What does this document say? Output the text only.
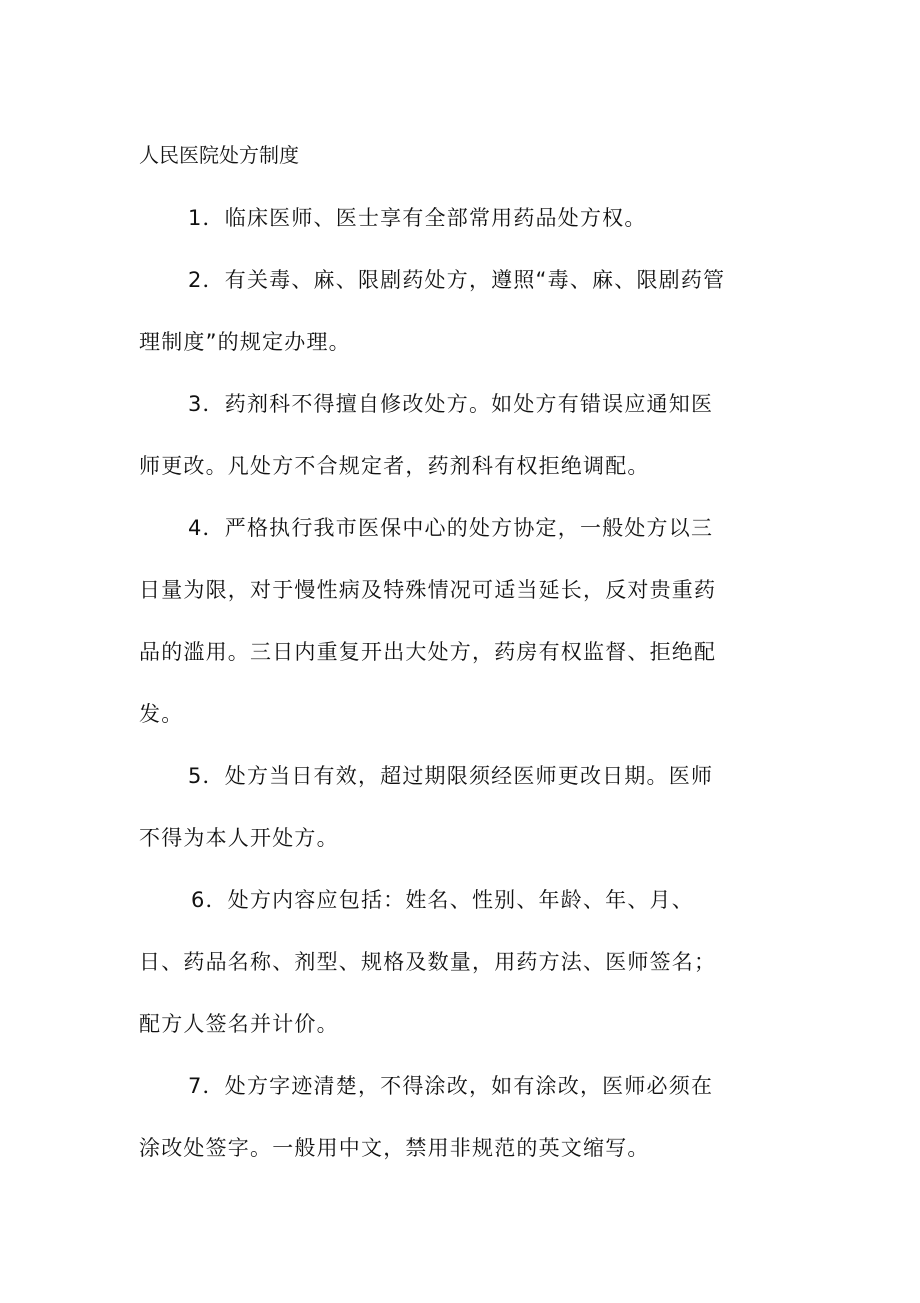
人民医院处方制度

1．临床医师、医士享有全部常用药品处方权。

2．有关毒、麻、限剧药处方，遵照“毒、麻、限剧药管理制度”的规定办理。

3．药剂科不得擅自修改处方。如处方有错误应通知医师更改。凡处方不合规定者，药剂科有权拒绝调配。

4．严格执行我市医保中心的处方协定，一般处方以三日量为限，对于慢性病及特殊情况可适当延长，反对贵重药品的滥用。三日内重复开出大处方，药房有权监督、拒绝配发。

5．处方当日有效，超过期限须经医师更改日期。医师不得为本人开处方。

6．处方内容应包括：姓名、性别、年龄、年、月、日、药品名称、剂型、规格及数量，用药方法、医师签名；配方人签名并计价。

7．处方字迹清楚，不得涂改，如有涂改，医师必须在涂改处签字。一般用中文，禁用非规范的英文缩写。
